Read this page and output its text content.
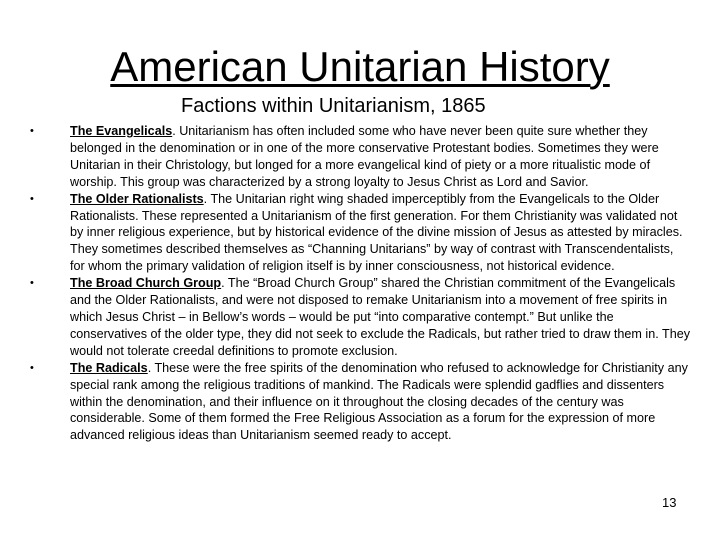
American Unitarian History
Factions within Unitarianism, 1865
•	The Evangelicals. Unitarianism has often included some who have never been quite sure whether they belonged in the denomination or in one of the more conservative Protestant bodies. Sometimes they were Unitarian in their Christology, but longed for a more evangelical kind of piety or a more ritualistic mode of worship. This group was characterized by a strong loyalty to Jesus Christ as Lord and Savior.
•	The Older Rationalists. The Unitarian right wing shaded imperceptibly from the Evangelicals to the Older Rationalists. These represented a Unitarianism of the first generation. For them Christianity was validated not by inner religious experience, but by historical evidence of the divine mission of Jesus as attested by miracles. They sometimes described themselves as “Channing Unitarians” by way of contrast with Transcendentalists, for whom the primary validation of religion itself is by inner consciousness, not historical evidence.
•	The Broad Church Group. The “Broad Church Group” shared the Christian commitment of the Evangelicals and the Older Rationalists, and were not disposed to remake Unitarianism into a movement of free spirits in which Jesus Christ – in Bellow’s words – would be put “into comparative contempt.” But unlike the conservatives of the older type, they did not seek to exclude the Radicals, but rather tried to draw them in. They would not tolerate creedal definitions to promote exclusion.
•	The Radicals. These were the free spirits of the denomination who refused to acknowledge for Christianity any special rank among the religious traditions of mankind. The Radicals were splendid gadflies and dissenters within the denomination, and their influence on it throughout the closing decades of the century was considerable. Some of them formed the Free Religious Association as a forum for the expression of more advanced religious ideas than Unitarianism seemed ready to accept.
13
